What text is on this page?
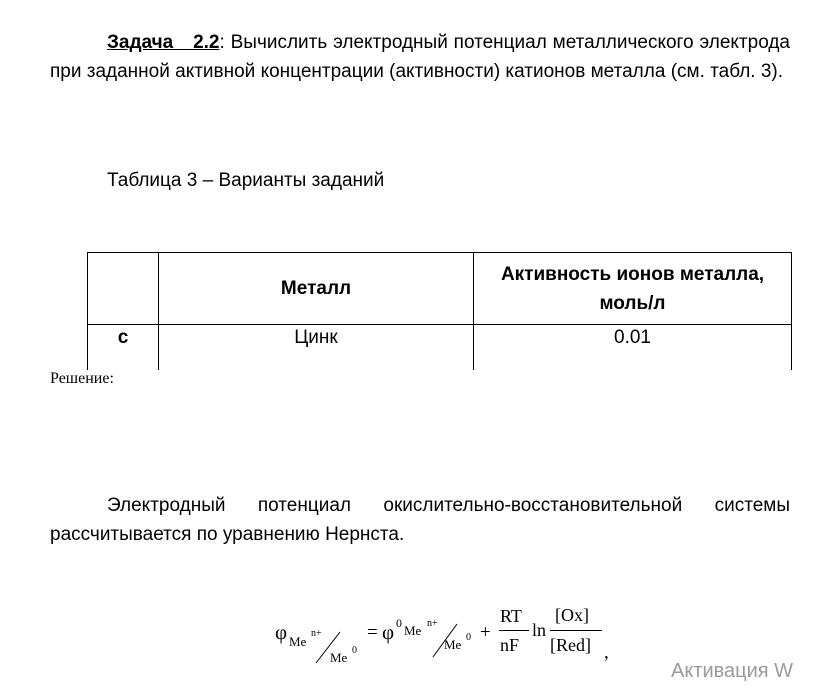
Задача 2.2: Вычислить электродный потенциал металлического электрода при заданной активной концентрации (активности) катионов металла (см. табл. 3).
Таблица 3 – Варианты заданий
	Металл	Активность ионов металла, моль/л
с	Цинк	0.01
Решение:
Электродный потенциал окислительно-восстановительной системы рассчитывается по уравнению Нернста.
φ Me
n+
Me 0
= φ 0 Me n+
Me 0 +
RT
nF
ln
[Ox]
[Red] ,
Активация W
